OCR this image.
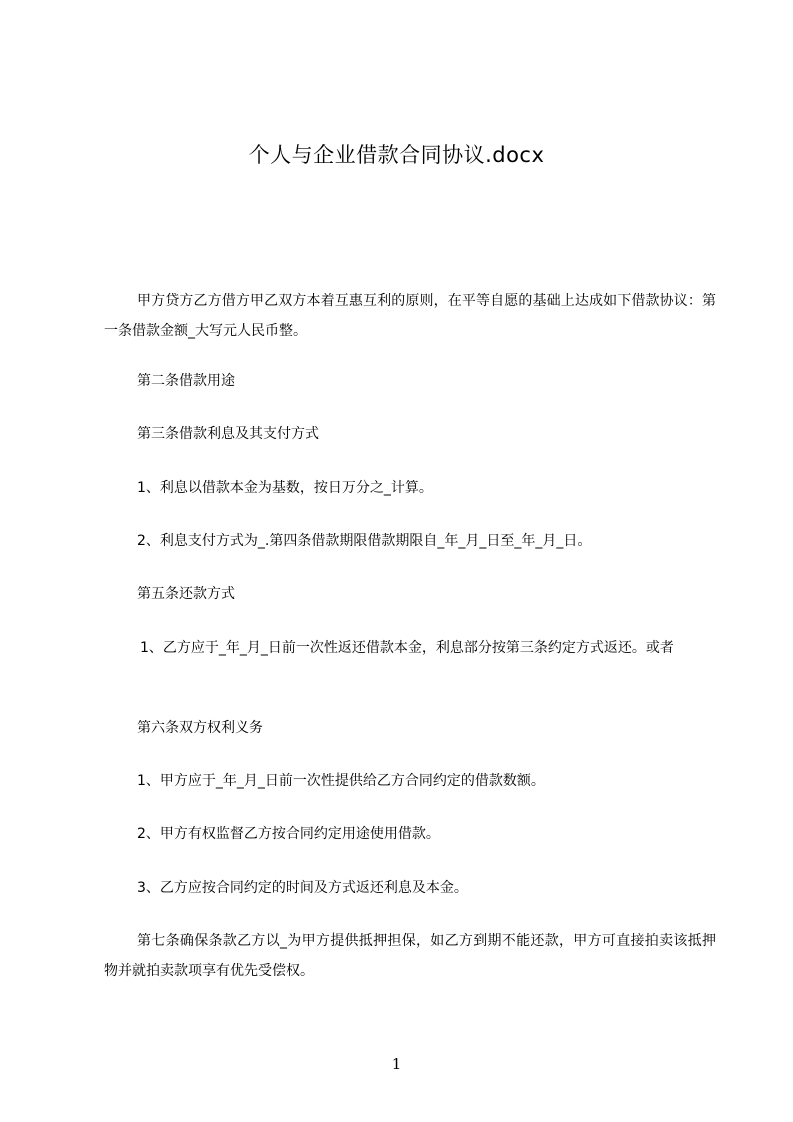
个人与企业借款合同协议.docx

甲方贷方乙方借方甲乙双方本着互惠互利的原则，在平等自愿的基础上达成如下借款协议：第一条借款金额_大写元人民币整。

第二条借款用途

第三条借款利息及其支付方式

1、利息以借款本金为基数，按日万分之_计算。

2、利息支付方式为_.第四条借款期限借款期限自_年_月_日至_年_月_日。

第五条还款方式

1、乙方应于_年_月_日前一次性返还借款本金，利息部分按第三条约定方式返还。或者

第六条双方权利义务

1、甲方应于_年_月_日前一次性提供给乙方合同约定的借款数额。

2、甲方有权监督乙方按合同约定用途使用借款。

3、乙方应按合同约定的时间及方式返还利息及本金。

第七条确保条款乙方以_为甲方提供抵押担保，如乙方到期不能还款，甲方可直接拍卖该抵押物并就拍卖款项享有优先受偿权。

1
